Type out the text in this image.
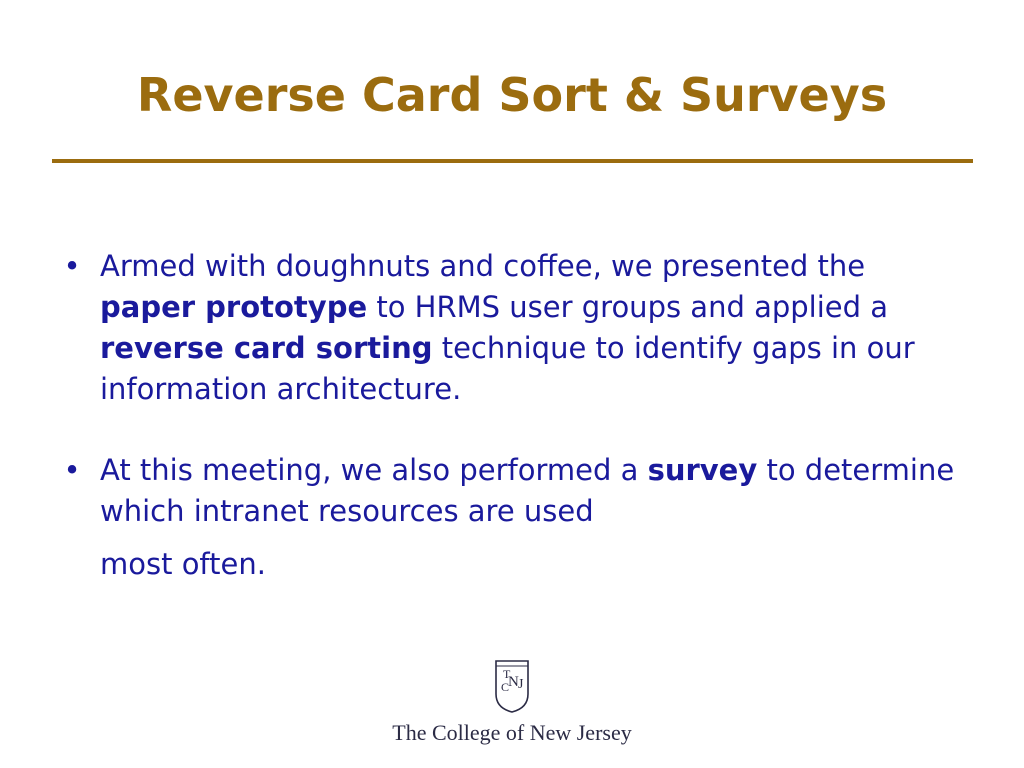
Reverse Card Sort & Surveys
• Armed with doughnuts and coffee, we presented the paper prototype to HRMS user groups and applied a reverse card sorting technique to identify gaps in our information architecture.
• At this meeting, we also performed a survey to determine which intranet resources are used
most often.
T
C
N J
The College of New Jersey
